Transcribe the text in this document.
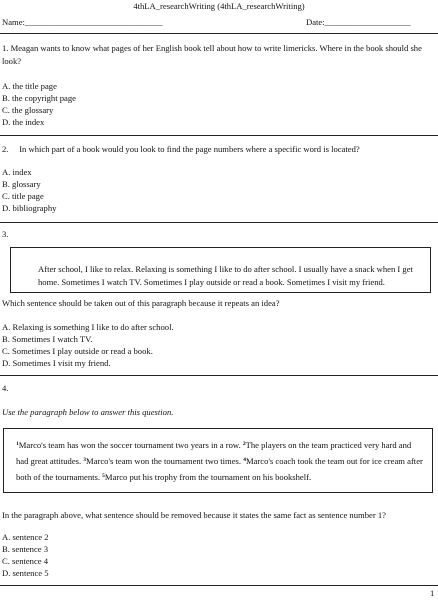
4thLA_researchWriting (4thLA_researchWriting)
Name:________________________________	Date:____________________
1. Meagan wants to know what pages of her English book tell about how to write limericks. Where in the book should she look?
A. the title page
B. the copyright page
C. the glossary
D. the index
2.     In which part of a book would you look to find the page numbers where a specific word is located?
A. index
B. glossary
C. title page
D. bibliography
3.
After school, I like to relax. Relaxing is something I like to do after school. I usually have a snack when I get home. Sometimes I watch TV. Sometimes I play outside or read a book. Sometimes I visit my friend.
Which sentence should be taken out of this paragraph because it repeats an idea?
A. Relaxing is something I like to do after school.
B. Sometimes I watch TV.
C. Sometimes I play outside or read a book.
D. Sometimes I visit my friend.
4.
Use the paragraph below to answer this question.
$^1$Marco's team has won the soccer tournament two years in a row. $^2$The players on the team practiced very hard and had great attitudes. $^3$Marco's team won the tournament two times. $^4$Marco's coach took the team out for ice cream after both of the tournaments. $^5$Marco put his trophy from the tournament on his bookshelf.
In the paragraph above, what sentence should be removed because it states the same fact as sentence number 1?
A. sentence 2
B. sentence 3
C. sentence 4
D. sentence 5
1
